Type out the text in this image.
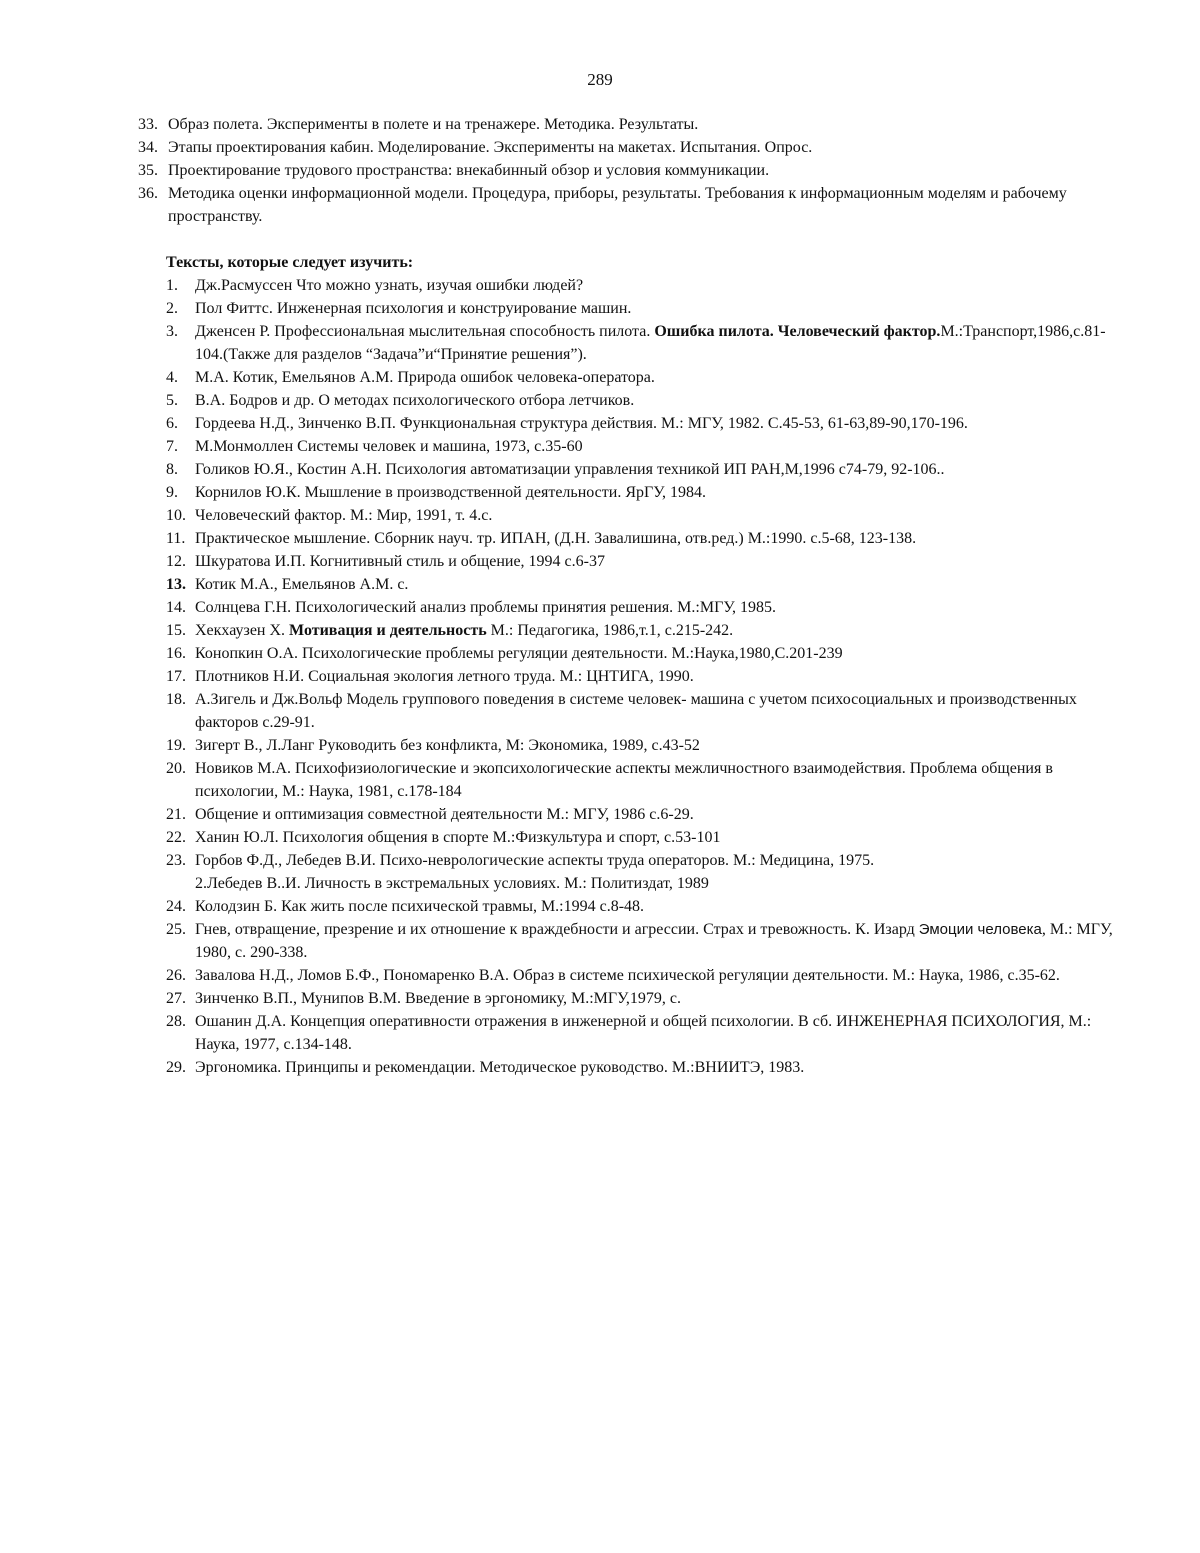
289
33. Образ полета. Эксперименты в полете и на тренажере. Методика. Результаты.
34. Этапы проектирования кабин. Моделирование. Эксперименты на макетах. Испытания. Опрос.
35. Проектирование трудового пространства: внекабинный обзор и условия коммуникации.
36. Методика оценки информационной модели. Процедура, приборы, результаты. Требования к информационным моделям и рабочему пространству.
Тексты, которые следует изучить:
1. Дж.Расмуссен Что можно узнать, изучая ошибки людей?
2. Пол Фиттс. Инженерная психология и конструирование машин.
3. Дженсен Р. Профессиональная мыслительная способность пилота. Ошибка пилота. Человеческий фактор.М.:Транспорт,1986,с.81-104.(Также для разделов “Задача”и“Принятие решения”).
4. М.А. Котик, Емельянов А.М. Природа ошибок человека-оператора.
5. В.А. Бодров и др. О методах психологического отбора летчиков.
6. Гордеева Н.Д., Зинченко В.П. Функциональная структура действия. М.: МГУ, 1982. С.45-53, 61-63,89-90,170-196.
7. М.Монмоллен Системы человек и машина, 1973, с.35-60
8. Голиков Ю.Я., Костин А.Н. Психология автоматизации управления техникой ИП РАН,М,1996 с74-79, 92-106..
9. Корнилов Ю.К. Мышление в производственной деятельности. ЯрГУ, 1984.
10. Человеческий фактор. М.: Мир, 1991, т. 4.с.
11. Практическое мышление. Сборник науч. тр. ИПАН, (Д.Н. Завалишина, отв.ред.) М.:1990. с.5-68, 123-138.
12. Шкуратова И.П. Когнитивный стиль и общение, 1994 с.6-37
13. Котик М.А., Емельянов А.М. с.
14. Солнцева Г.Н. Психологический анализ проблемы принятия решения. М.:МГУ, 1985.
15. Хекхаузен Х. Мотивация и деятельность М.: Педагогика, 1986,т.1, с.215-242.
16. Конопкин О.А. Психологические проблемы регуляции деятельности. М.:Наука,1980,С.201-239
17. Плотников Н.И. Социальная экология летного труда. М.: ЦНТИГА, 1990.
18. А.Зигель и Дж.Вольф Модель группового поведения в системе человек- машина с учетом психосоциальных и производственных факторов с.29-91.
19. Зигерт В., Л.Ланг Руководить без конфликта, М: Экономика, 1989, с.43-52
20. Новиков М.А. Психофизиологические и экопсихологические аспекты межличностного взаимодействия. Проблема общения в психологии, М.: Наука, 1981, с.178-184
21. Общение и оптимизация совместной деятельности М.: МГУ, 1986 с.6-29.
22. Ханин Ю.Л. Психология общения в спорте М.:Физкультура и спорт, с.53-101
23. Горбов Ф.Д., Лебедев В.И. Психо-неврологические аспекты труда операторов. М.: Медицина, 1975.
2.Лебедев В..И. Личность в экстремальных условиях. М.: Политиздат, 1989
24. Колодзин Б. Как жить после психической травмы, М.:1994 с.8-48.
25. Гнев, отвращение, презрение и их отношение к враждебности и агрессии. Страх и тревожность. К. Изард Эмоции человека, М.: МГУ, 1980, с. 290-338.
26. Завалова Н.Д., Ломов Б.Ф., Пономаренко В.А. Образ в системе психической регуляции деятельности. М.: Наука, 1986, с.35-62.
27. Зинченко В.П., Мунипов В.М. Введение в эргономику, М.:МГУ,1979, с.
28. Ошанин Д.А. Концепция оперативности отражения в инженерной и общей психологии. В сб. ИНЖЕНЕРНАЯ ПСИХОЛОГИЯ, М.: Наука, 1977, с.134-148.
29. Эргономика. Принципы и рекомендации. Методическое руководство. М.:ВНИИТЭ, 1983.
